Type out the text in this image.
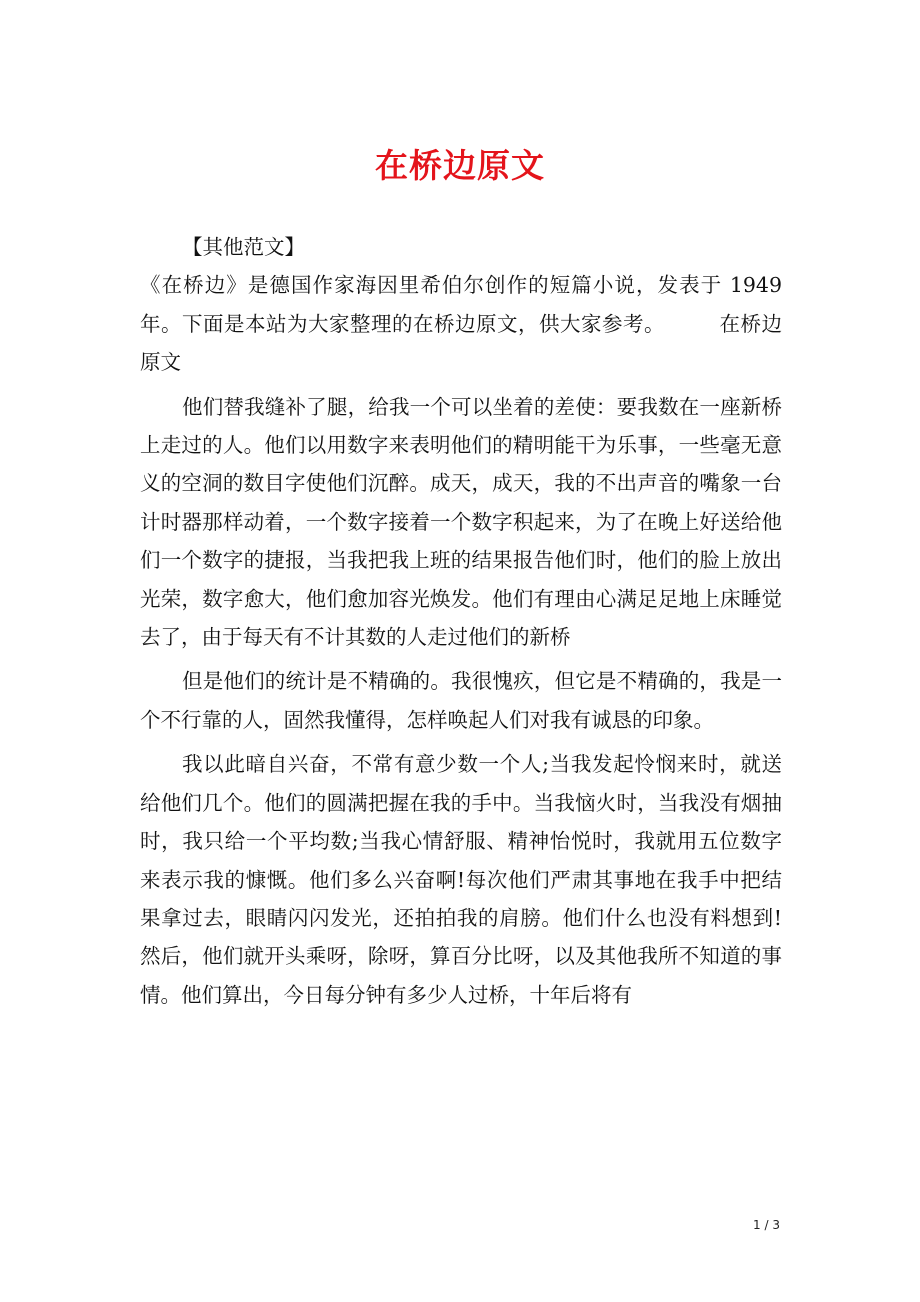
在桥边原文

【其他范文】

《在桥边》是德国作家海因里希伯尔创作的短篇小说，发表于 1949 年。下面是本站为大家整理的在桥边原文，供大家参考。	在桥边原文

他们替我缝补了腿，给我一个可以坐着的差使：要我数在一座新桥上走过的人。他们以用数字来表明他们的精明能干为乐事，一些毫无意义的空洞的数目字使他们沉醉。成天，成天，我的不出声音的嘴象一台计时器那样动着，一个数字接着一个数字积起来，为了在晚上好送给他们一个数字的捷报，当我把我上班的结果报告他们时，他们的脸上放出光荣，数字愈大，他们愈加容光焕发。他们有理由心满足足地上床睡觉去了，由于每天有不计其数的人走过他们的新桥

但是他们的统计是不精确的。我很愧疚，但它是不精确的，我是一个不行靠的人，固然我懂得，怎样唤起人们对我有诚恳的印象。

我以此暗自兴奋，不常有意少数一个人;当我发起怜悯来时，就送给他们几个。他们的圆满把握在我的手中。当我恼火时，当我没有烟抽时，我只给一个平均数;当我心情舒服、精神怡悦时，我就用五位数字来表示我的慷慨。他们多么兴奋啊!每次他们严肃其事地在我手中把结果拿过去，眼睛闪闪发光，还拍拍我的肩膀。他们什么也没有料想到!然后，他们就开头乘呀，除呀，算百分比呀，以及其他我所不知道的事情。他们算出，今日每分钟有多少人过桥，十年后将有

1 / 3
